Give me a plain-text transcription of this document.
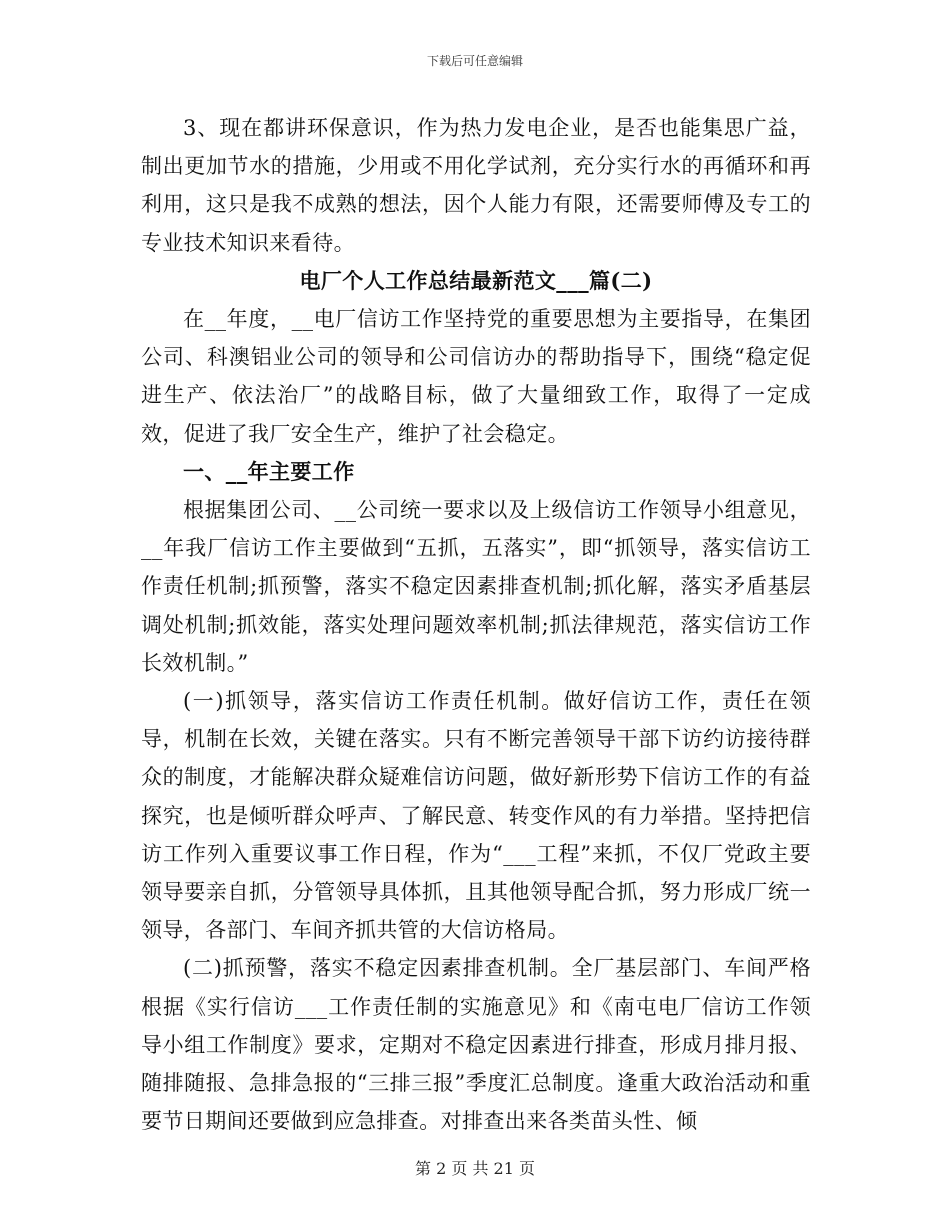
下载后可任意编辑

3、现在都讲环保意识，作为热力发电企业，是否也能集思广益，制出更加节水的措施，少用或不用化学试剂，充分实行水的再循环和再利用，这只是我不成熟的想法，因个人能力有限，还需要师傅及专工的专业技术知识来看待。

电厂个人工作总结最新范文___篇(二)

在__年度，__电厂信访工作坚持党的重要思想为主要指导，在集团公司、科澳铝业公司的领导和公司信访办的帮助指导下，围绕“稳定促进生产、依法治厂”的战略目标，做了大量细致工作，取得了一定成效，促进了我厂安全生产，维护了社会稳定。

一、__年主要工作

根据集团公司、__公司统一要求以及上级信访工作领导小组意见，__年我厂信访工作主要做到“五抓，五落实”，即“抓领导，落实信访工作责任机制;抓预警，落实不稳定因素排查机制;抓化解，落实矛盾基层调处机制;抓效能，落实处理问题效率机制;抓法律规范，落实信访工作长效机制。”

(一)抓领导，落实信访工作责任机制。做好信访工作，责任在领导，机制在长效，关键在落实。只有不断完善领导干部下访约访接待群众的制度，才能解决群众疑难信访问题，做好新形势下信访工作的有益探究，也是倾听群众呼声、了解民意、转变作风的有力举措。坚持把信访工作列入重要议事工作日程，作为“___工程”来抓，不仅厂党政主要领导要亲自抓，分管领导具体抓，且其他领导配合抓，努力形成厂统一领导，各部门、车间齐抓共管的大信访格局。

(二)抓预警，落实不稳定因素排查机制。全厂基层部门、车间严格根据《实行信访___工作责任制的实施意见》和《南屯电厂信访工作领导小组工作制度》要求，定期对不稳定因素进行排查，形成月排月报、随排随报、急排急报的“三排三报”季度汇总制度。逢重大政治活动和重要节日期间还要做到应急排查。对排查出来各类苗头性、倾

第 2 页 共 21 页
